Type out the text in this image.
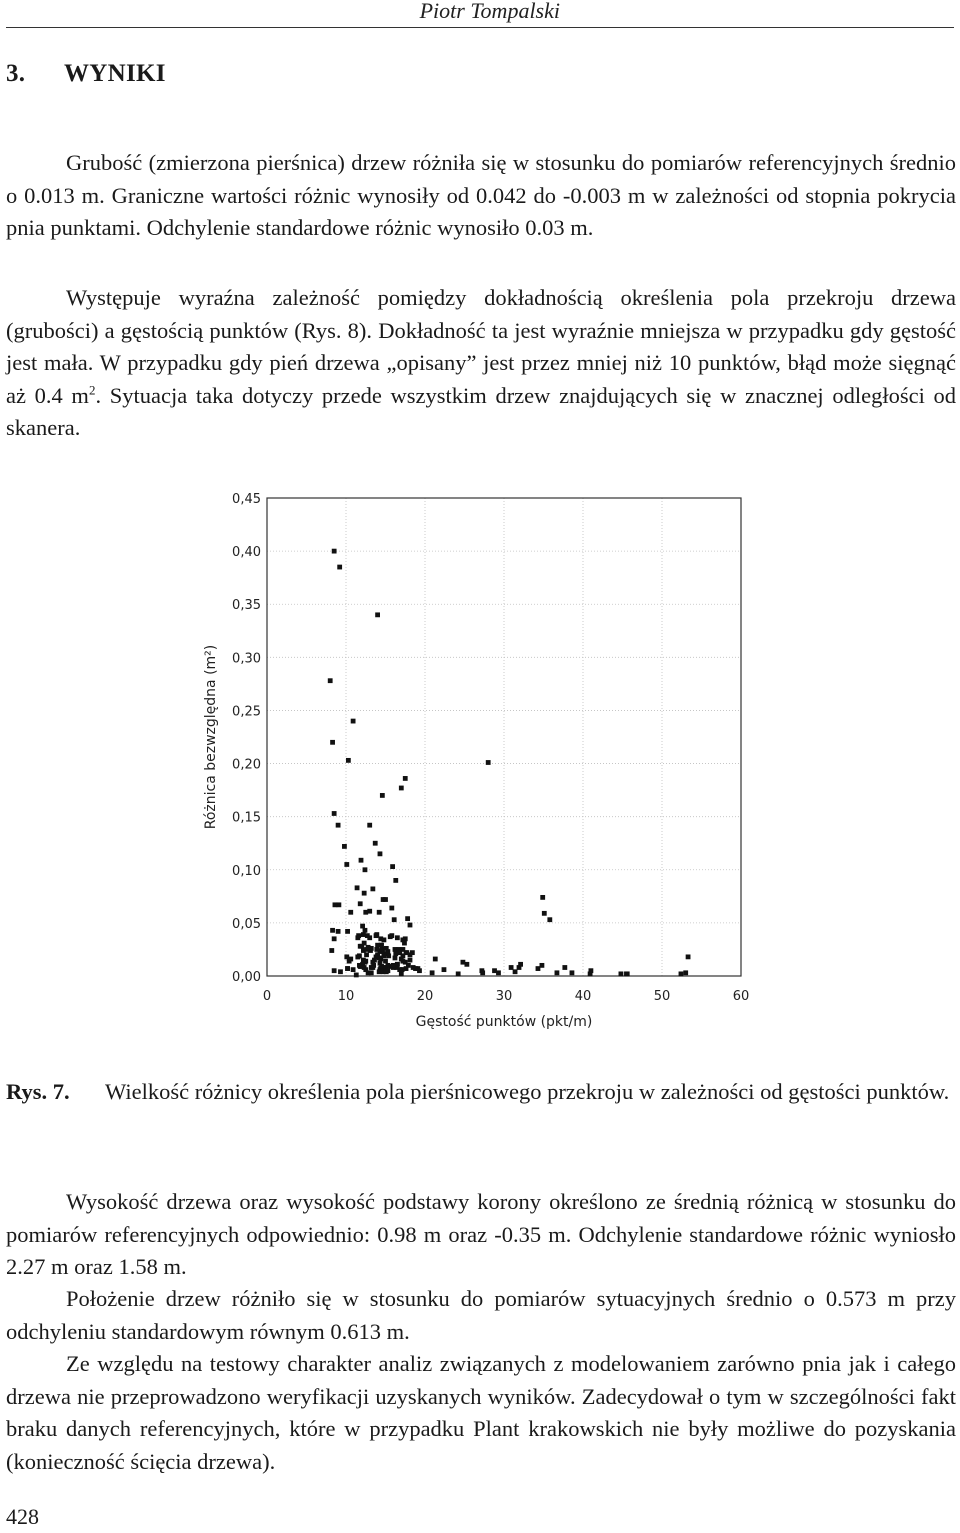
Piotr Tompalski
3. WYNIKI

Grubość (zmierzona pierśnica) drzew różniła się w stosunku do pomiarów referencyjnych średnio o 0.013 m. Graniczne wartości różnic wynosiły od 0.042 do -0.003 m w zależności od stopnia pokrycia pnia punktami. Odchylenie standardowe różnic wynosiło 0.03 m.

Występuje wyraźna zależność pomiędzy dokładnością określenia pola przekroju drzewa (grubości) a gęstością punktów (Rys. 8). Dokładność ta jest wyraźnie mniejsza w przypadku gdy gęstość jest mała. W przypadku gdy pień drzewa „opisany” jest przez mniej niż 10 punktów, błąd może sięgnąć aż 0.4 $m^2$. Sytuacja taka dotyczy przede wszystkim drzew znajdujących się w znacznej odległości od skanera.

0	10	20	30	40	50	60
0,00
0,05
0,10
0,15
0,20
0,25
0,30
0,35
0,40
0,45
Gęstość punktów (pkt/m)
Różnica bezwzględna (m²)
Rys. 7. Wielkość różnicy określenia pola pierśnicowego przekroju w zależności od gęstości punktów.

Wysokość drzewa oraz wysokość podstawy korony określono ze średnią różnicą w stosunku do pomiarów referencyjnych odpowiednio: 0.98 m oraz -0.35 m. Odchylenie standardowe różnic wyniosło 2.27 m oraz 1.58 m.

Położenie drzew różniło się w stosunku do pomiarów sytuacyjnych średnio o 0.573 m przy odchyleniu standardowym równym 0.613 m.

Ze względu na testowy charakter analiz związanych z modelowaniem zarówno pnia jak i całego drzewa nie przeprowadzono weryfikacji uzyskanych wyników. Zadecydował o tym w szczególności fakt braku danych referencyjnych, które w przypadku Plant krakowskich nie były możliwe do pozyskania (konieczność ścięcia drzewa).

428
